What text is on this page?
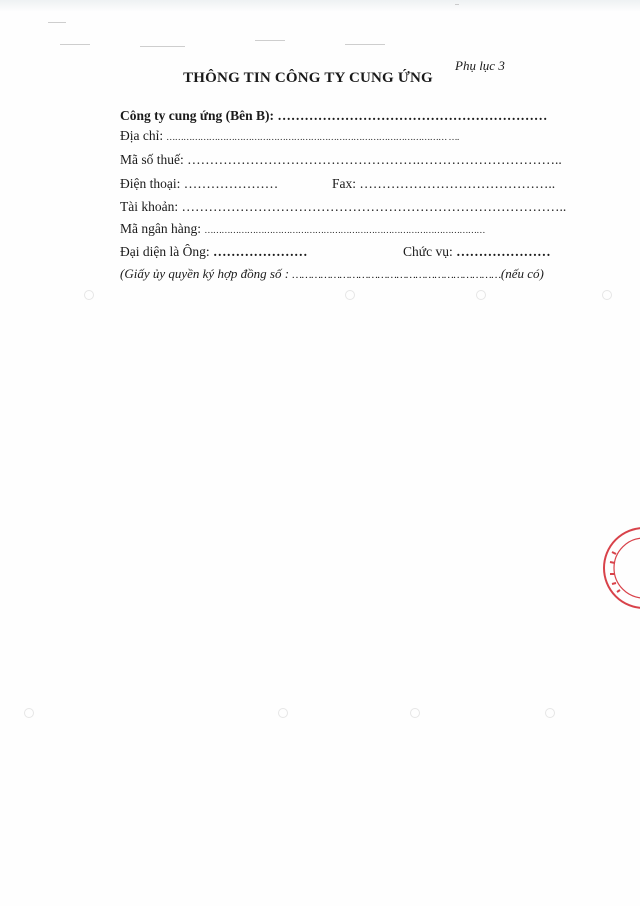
Phụ lục 3
THÔNG TIN CÔNG TY CUNG ỨNG
Công ty cung ứng (Bên B): ……………………………………………………
Địa chỉ: ……………………………………………………………………………………… ….
Mã số thuế: …………………………………………….…………………………..
Điện thoại: …………………	Fax: ……………………………………..
Tài khoản: …………………………………………………………………………..
Mã ngân hàng: ………………………………………………………………………………………
Đại diện là Ông: …………………	Chức vụ: …………………
(Giấy ủy quyền ký hợp đồng số : …………………………………………………………(nếu có)
